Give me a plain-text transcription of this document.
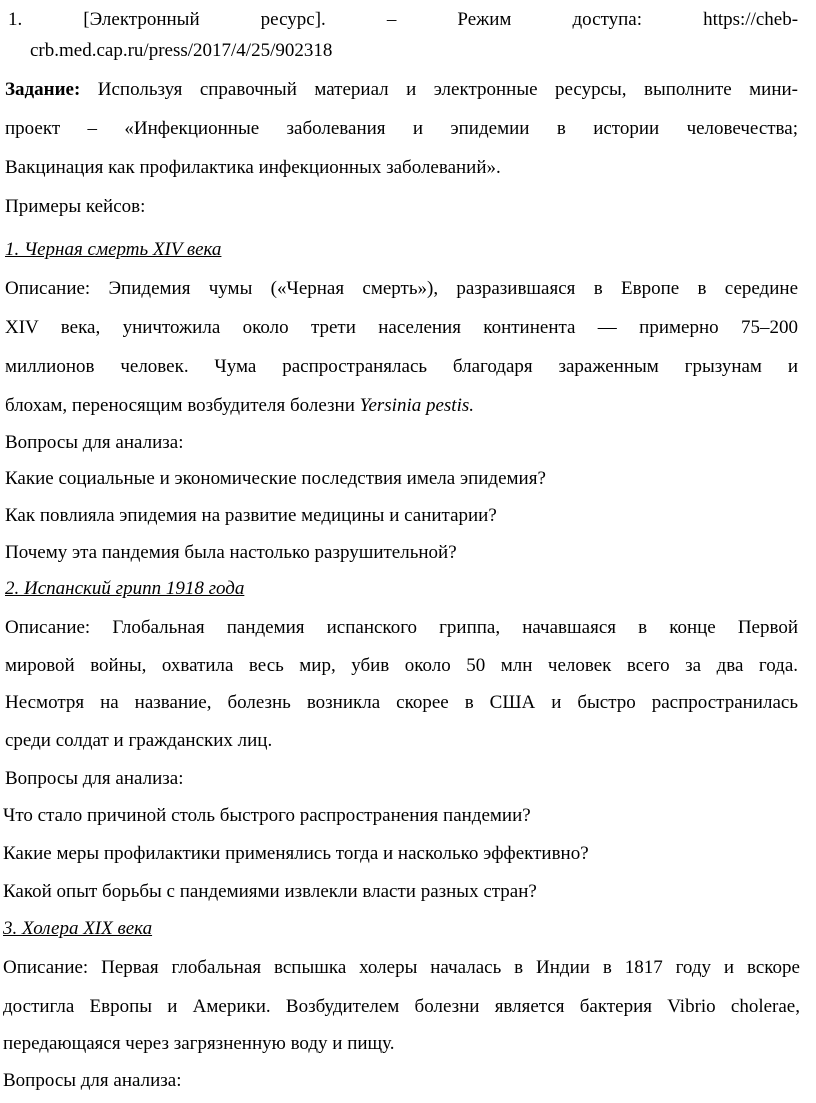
1.	[Электронный	ресурс].	–	Режим	доступа:	https://cheb-
crb.med.cap.ru/press/2017/4/25/902318
Задание: Используя справочный материал и электронные ресурсы, выполните мини-
проект – «Инфекционные заболевания и эпидемии в истории человечества;
Вакцинация как профилактика инфекционных заболеваний».
Примеры кейсов:
1. Черная смерть XIV века
Описание: Эпидемия чумы («Черная смерть»), разразившаяся в Европе в середине
XIV века, уничтожила около трети населения континента — примерно 75–200
миллионов человек. Чума распространялась благодаря зараженным грызунам и
блохам, переносящим возбудителя болезни Yersinia pestis.
Вопросы для анализа:
Какие социальные и экономические последствия имела эпидемия?
Как повлияла эпидемия на развитие медицины и санитарии?
Почему эта пандемия была настолько разрушительной?
2. Испанский грипп 1918 года
Описание: Глобальная пандемия испанского гриппа, начавшаяся в конце Первой
мировой войны, охватила весь мир, убив около 50 млн человек всего за два года.
Несмотря на название, болезнь возникла скорее в США и быстро распространилась
среди солдат и гражданских лиц.
Вопросы для анализа:
Что стало причиной столь быстрого распространения пандемии?
Какие меры профилактики применялись тогда и насколько эффективно?
Какой опыт борьбы с пандемиями извлекли власти разных стран?
3. Холера XIX века
Описание: Первая глобальная вспышка холеры началась в Индии в 1817 году и вскоре
достигла Европы и Америки. Возбудителем болезни является бактерия Vibrio cholerae,
передающаяся через загрязненную воду и пищу.
Вопросы для анализа:
